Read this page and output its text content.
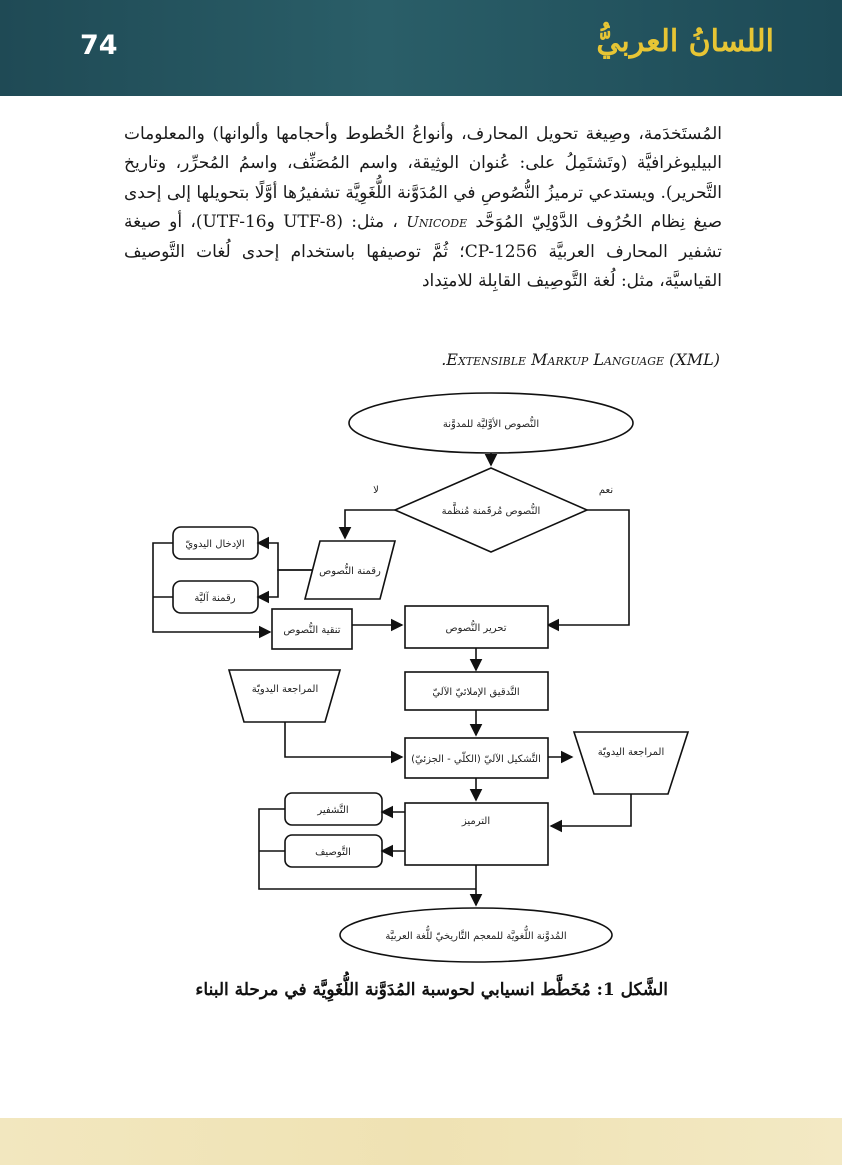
74	اللسانُ العربيُّ

المُستَخدَمة، وصِيغة تحويل المحارف، وأنواعُ الخُطوط وأحجامها وألوانها) والمعلومات البيليوغرافيَّة (وتَشتَمِلُ على: عُنوان الوثِيقة، واسم المُصَنِّف، واسمُ المُحرِّر، وتاريخ التَّحرير). ويستدعي ترميزُ النُّصُوصِ في المُدَوَّنة اللُّغَوِيَّة تشفيرُها أوَّلًا بتحويلها إلى إحدى صيغ نِظام الحُرُوف الدَّوْلِيّ المُوَحَّد Unicode ، مثل: (UTF-8 وUTF-16)، أو صيغة تشفير المحارف العربيَّة CP-1256؛ ثُمَّ توصيفها باستخدام إحدى لُغات التَّوصيف القياسيَّة، مثل: لُغة التَّوصِيف القابِلة للامتِداد

.Extensible Markup Language (XML)
النُّصوص الأوَّليَّة للمدوَّنة
النُّصوص مُرقَمنة مُنظَّمة
لا	نعم
رقمنة النُّصوص
الإدخال اليدويّ
رقمنة آليَّة
تنقية النُّصوص	تحرير النُّصوص
المراجعة اليدويّة	التَّدقيق الإملائيّ الآليّ
التَّشكيل الآليّ (الكلّي - الجزئيّ)
المراجعة اليدويّة
الترميز
التَّشفير
التَّوصيف
المُدوَّنة اللُّغويَّة للمعجم التَّاريخيّ للُّغة العربيَّة
الشَّكل 1: مُخَطَّط انسيابي لحوسبة المُدَوَّنة اللُّغَوِيَّة في مرحلة البناء
